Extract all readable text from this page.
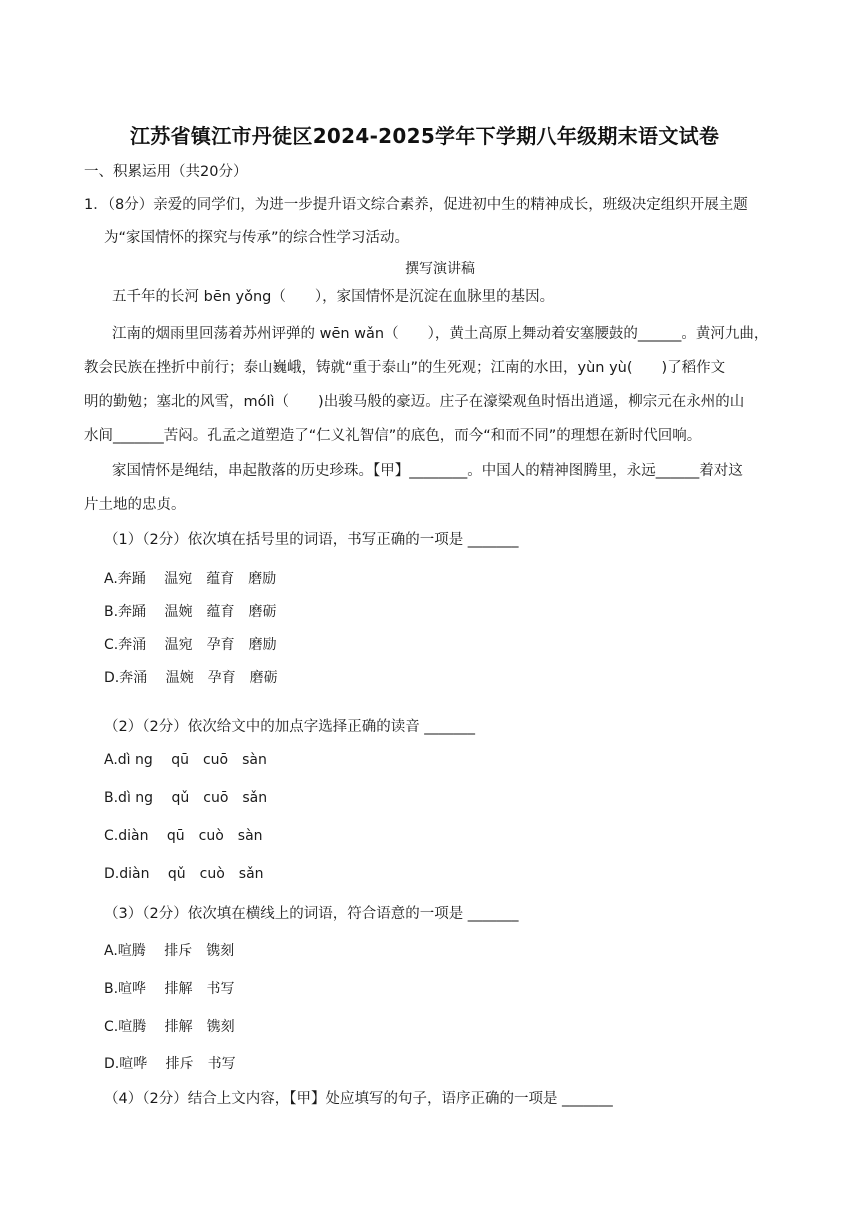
江苏省镇江市丹徒区2024-2025学年下学期八年级期末语文试卷
一、积累运用（共20分）
1．（8分）亲爱的同学们，为进一步提升语文综合素养，促进初中生的精神成长，班级决定组织开展主题
为“家国情怀的探究与传承”的综合性学习活动。
撰写演讲稿
五千年的长河 bēn yǒng（　　），家国情怀是沉淀在血脉里的基因。
江南的烟雨里回荡着苏州评弹的 wēn wǎn（　　），黄土高原上舞动着安塞腰鼓的______。黄河九曲，
教会民族在挫折中前行；泰山巍峨，铸就“重于泰山”的生死观；江南的水田，yùn yù(　　)了稻作文
明的勤勉；塞北的风雪，mólì（　　)出骏马般的豪迈。庄子在濠梁观鱼时悟出逍遥，柳宗元在永州的山
水间_______苦闷。孔孟之道塑造了“仁义礼智信”的底色，而今“和而不同”的理想在新时代回响。
家国情怀是绳结，串起散落的历史珍珠。【甲】________。中国人的精神图腾里，永远______着对这
片土地的忠贞。
（1）（2分）依次填在括号里的词语，书写正确的一项是 _______
A.奔踊　 温宛　蕴育　磨励
B.奔踊　 温婉　蕴育　磨砺
C.奔涌　 温宛　孕育　磨励
D.奔涌　 温婉　孕育　磨砺
（2）（2分）依次给文中的加点字选择正确的读音 _______
A.dì ng　 qū　cuō　sàn
B.dì ng　 qǔ　cuō　sǎn
C.diàn　 qū　cuò　sàn
D.diàn　 qǔ　cuò　sǎn
（3）（2分）依次填在横线上的词语，符合语意的一项是 _______
A.喧腾　 排斥　镌刻
B.喧哗　 排解　书写
C.喧腾　 排解　镌刻
D.喧哗　 排斥　书写
（4）（2分）结合上文内容，【甲】处应填写的句子，语序正确的一项是 _______
